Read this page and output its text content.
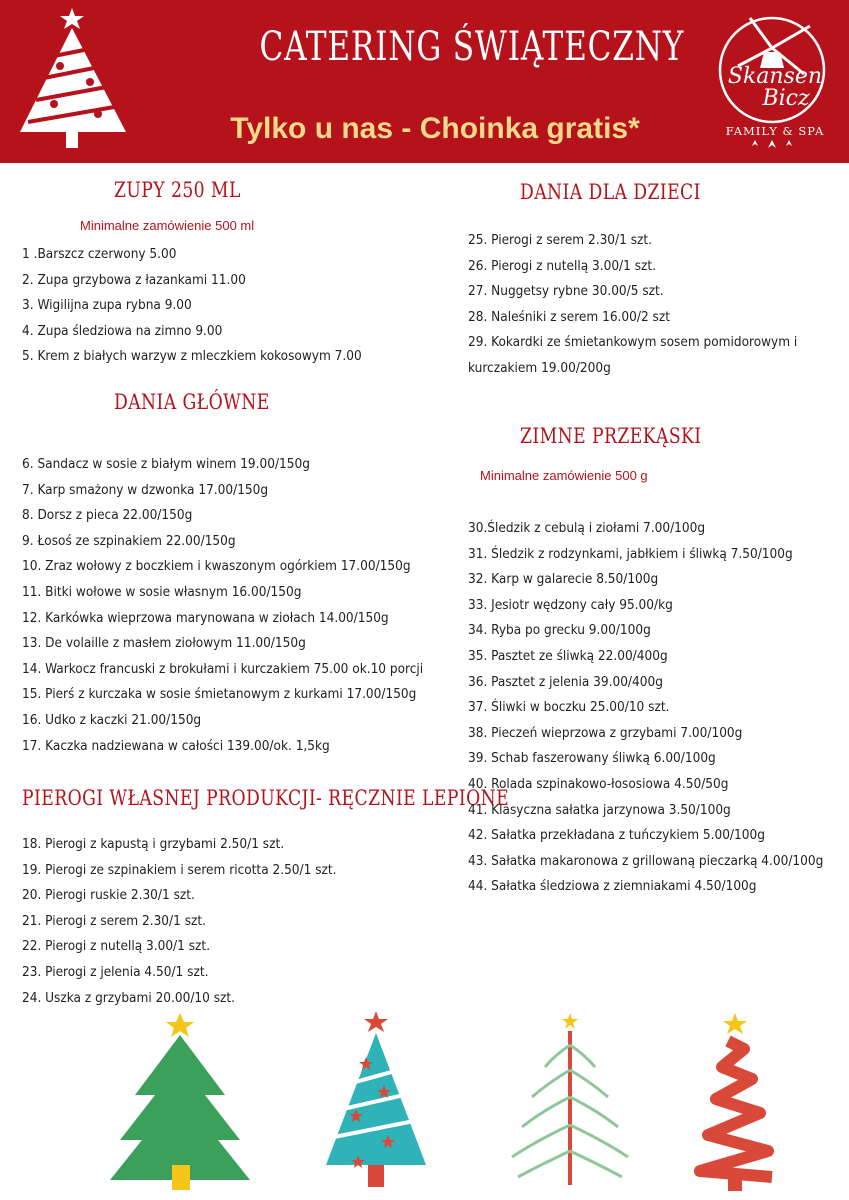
CATERING ŚWIĄTECZNY
Tylko u nas - Choinka gratis*
Skansen
Bicz
FAMILY & SPA
ZUPY 250 ML
Minimalne zamówienie 500 ml
1 .Barszcz czerwony 5.00
2. Zupa grzybowa z łazankami 11.00
3. Wigilijna zupa rybna 9.00
4. Zupa śledziowa na zimno 9.00
5. Krem z białych warzyw z mleczkiem kokosowym 7.00
DANIA GŁÓWNE
6. Sandacz w sosie z białym winem 19.00/150g
7. Karp smażony w dzwonka 17.00/150g
8. Dorsz z pieca 22.00/150g
9. Łosoś ze szpinakiem 22.00/150g
10. Zraz wołowy z boczkiem i kwaszonym ogórkiem 17.00/150g
11. Bitki wołowe w sosie własnym 16.00/150g
12. Karkówka wieprzowa marynowana w ziołach 14.00/150g
13. De volaille z masłem ziołowym 11.00/150g
14. Warkocz francuski z brokułami i kurczakiem 75.00 ok.10 porcji
15. Pierś z kurczaka w sosie śmietanowym z kurkami 17.00/150g
16. Udko z kaczki 21.00/150g
17. Kaczka nadziewana w całości 139.00/ok. 1,5kg
PIEROGI WŁASNEJ PRODUKCJI- RĘCZNIE LEPIONE
18. Pierogi z kapustą i grzybami 2.50/1 szt.
19. Pierogi ze szpinakiem i serem ricotta 2.50/1 szt.
20. Pierogi ruskie 2.30/1 szt.
21. Pierogi z serem 2.30/1 szt.
22. Pierogi z nutellą 3.00/1 szt.
23. Pierogi z jelenia 4.50/1 szt.
24. Uszka z grzybami 20.00/10 szt.
DANIA DLA DZIECI
25. Pierogi z serem 2.30/1 szt.
26. Pierogi z nutellą 3.00/1 szt.
27. Nuggetsy rybne 30.00/5 szt.
28. Naleśniki z serem 16.00/2 szt
29. Kokardki ze śmietankowym sosem pomidorowym i kurczakiem 19.00/200g
ZIMNE PRZEKĄSKI
Minimalne zamówienie 500 g
30.Śledzik z cebulą i ziołami 7.00/100g
31. Śledzik z rodzynkami, jabłkiem i śliwką 7.50/100g
32. Karp w galarecie 8.50/100g
33. Jesiotr wędzony cały 95.00/kg
34. Ryba po grecku 9.00/100g
35. Pasztet ze śliwką 22.00/400g
36. Pasztet z jelenia 39.00/400g
37. Śliwki w boczku 25.00/10 szt.
38. Pieczeń wieprzowa z grzybami 7.00/100g
39. Schab faszerowany śliwką 6.00/100g
40. Rolada szpinakowo-łososiowa 4.50/50g
41. Klasyczna sałatka jarzynowa 3.50/100g
42. Sałatka przekładana z tuńczykiem 5.00/100g
43. Sałatka makaronowa z grillowaną pieczarką 4.00/100g
44. Sałatka śledziowa z ziemniakami 4.50/100g
